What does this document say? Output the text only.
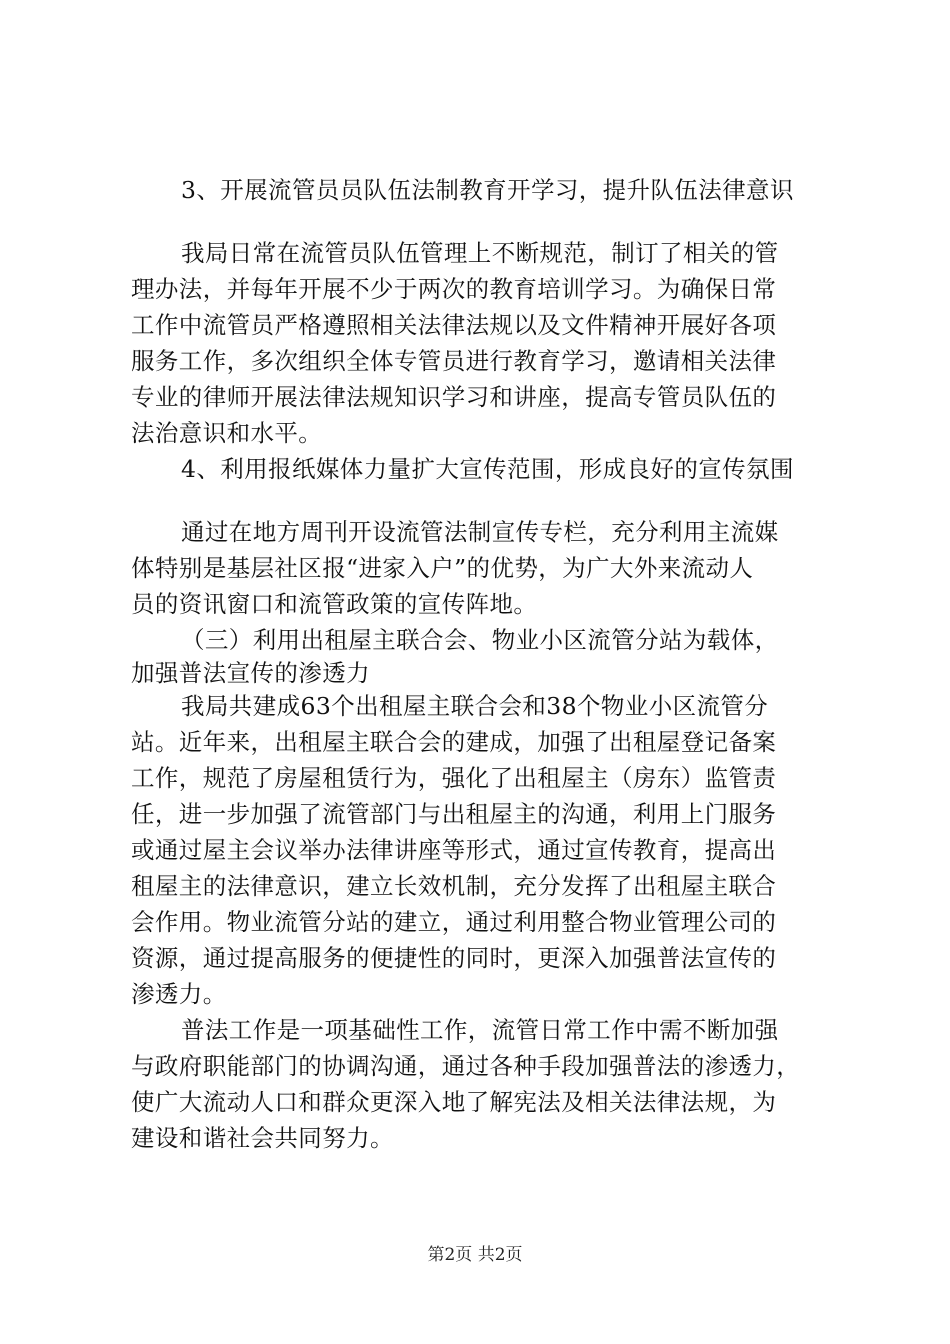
3、开展流管员员队伍法制教育开学习，提升队伍法律意识
我局日常在流管员队伍管理上不断规范，制订了相关的管
理办法，并每年开展不少于两次的教育培训学习。为确保日常
工作中流管员严格遵照相关法律法规以及文件精神开展好各项
服务工作，多次组织全体专管员进行教育学习，邀请相关法律
专业的律师开展法律法规知识学习和讲座，提高专管员队伍的
法治意识和水平。
4、利用报纸媒体力量扩大宣传范围，形成良好的宣传氛围
通过在地方周刊开设流管法制宣传专栏，充分利用主流媒
体特别是基层社区报“进家入户”的优势，为广大外来流动人
员的资讯窗口和流管政策的宣传阵地。
（三）利用出租屋主联合会、物业小区流管分站为载体，
加强普法宣传的渗透力
我局共建成63个出租屋主联合会和38个物业小区流管分
站。近年来，出租屋主联合会的建成，加强了出租屋登记备案
工作，规范了房屋租赁行为，强化了出租屋主（房东）监管责
任，进一步加强了流管部门与出租屋主的沟通，利用上门服务
或通过屋主会议举办法律讲座等形式，通过宣传教育，提高出
租屋主的法律意识，建立长效机制，充分发挥了出租屋主联合
会作用。物业流管分站的建立，通过利用整合物业管理公司的
资源，通过提高服务的便捷性的同时，更深入加强普法宣传的
渗透力。
普法工作是一项基础性工作，流管日常工作中需不断加强
与政府职能部门的协调沟通，通过各种手段加强普法的渗透力，
使广大流动人口和群众更深入地了解宪法及相关法律法规，为
建设和谐社会共同努力。
第2页 共2页
